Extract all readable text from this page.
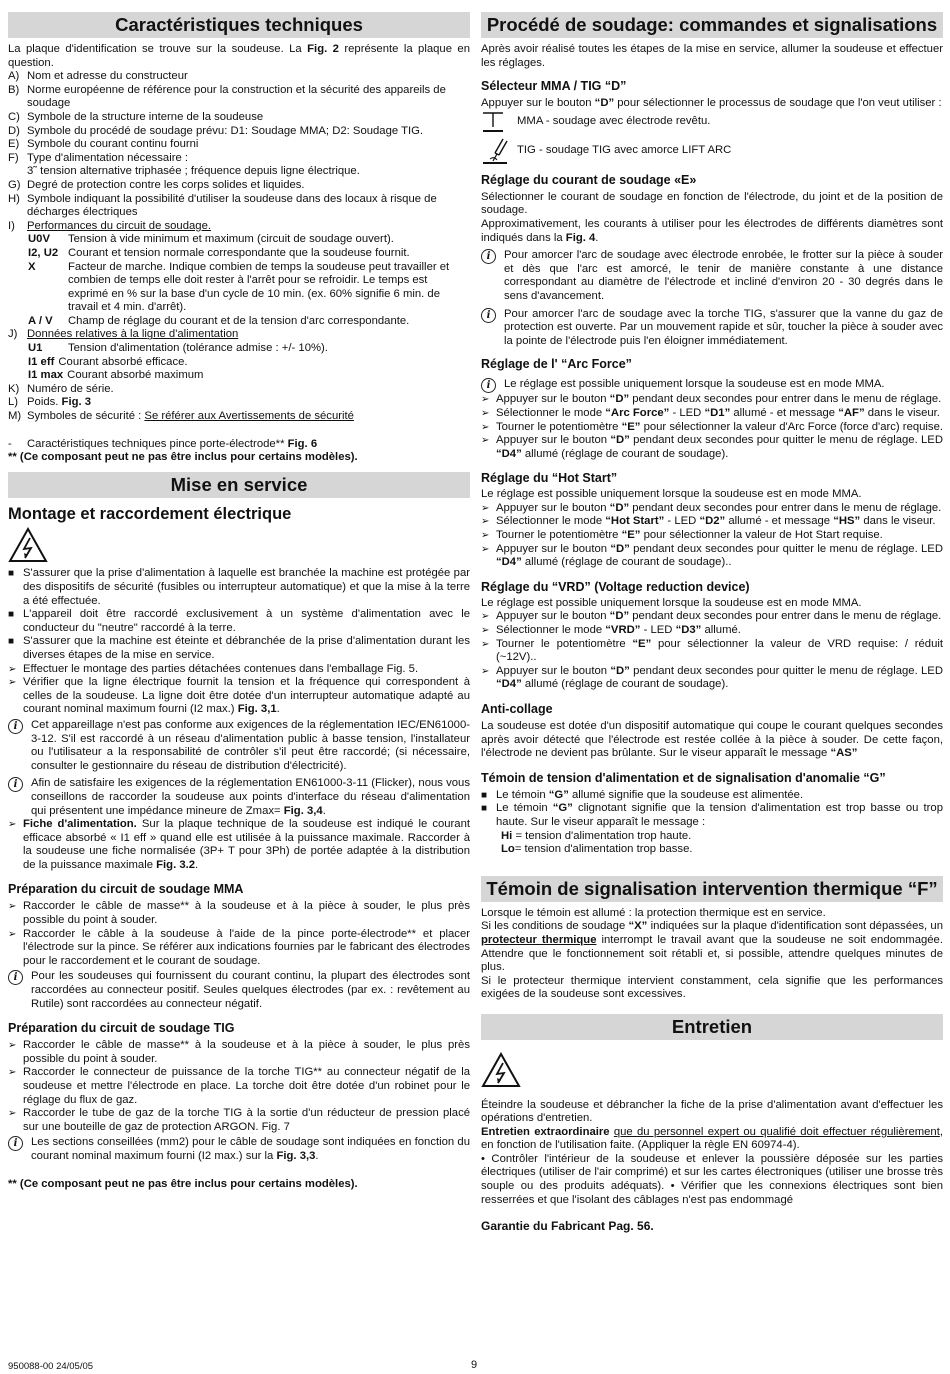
Caractéristiques techniques
La plaque d'identification se trouve sur la soudeuse. La Fig. 2 représente la plaque en question.
A) Nom et adresse du constructeur
B) Norme européenne de référence pour la construction et la sécurité des appareils de soudage
C) Symbole de la structure interne de la soudeuse
D) Symbole du procédé de soudage prévu: D1: Soudage MMA; D2: Soudage TIG.
E) Symbole du courant continu fourni
F) Type d'alimentation nécessaire :
3˜ tension alternative triphasée ; fréquence depuis ligne électrique.
G) Degré de protection contre les corps solides et liquides.
H) Symbole indiquant la possibilité d'utiliser la soudeuse dans des locaux à risque de décharges électriques
I)	Performances du circuit de soudage.
U0V	Tension à vide minimum et maximum (circuit de soudage ouvert).
I2, U2 Courant et tension normale correspondante que la soudeuse fournit.
X	Facteur de marche. Indique combien de temps la soudeuse peut travailler et combien de temps elle doit rester à l'arrêt pour se refroidir. Le temps est exprimé en % sur la base d'un cycle de 10 min. (ex. 60% signifie 6 min. de travail et 4 min. d'arrêt).
A / V	Champ de réglage du courant et de la tension d'arc correspondante.
J) Données relatives à la ligne d'alimentation
U1	Tension d'alimentation (tolérance admise : +/- 10%).
I1 eff Courant absorbé efficace.
I1 max Courant absorbé maximum
K) Numéro de série.
L) Poids. Fig. 3
M) Symboles de sécurité : Se référer aux Avertissements de sécurité
-	Caractéristiques techniques pince porte-électrode** Fig. 6
** (Ce composant peut ne pas être inclus pour certains modèles).
Mise en service
Montage et raccordement électrique
■ S'assurer que la prise d'alimentation à laquelle est branchée la machine est protégée par des dispositifs de sécurité (fusibles ou interrupteur automatique) et que la mise à la terre a été effectuée.
■ L'appareil doit être raccordé exclusivement à un système d'alimentation avec le conducteur du "neutre" raccordé à la terre.
■ S'assurer que la machine est éteinte et débranchée de la prise d'alimentation durant les diverses étapes de la mise en service.
➢ Effectuer le montage des parties détachées contenues dans l'emballage Fig. 5.
➢ Vérifier que la ligne électrique fournit la tension et la fréquence qui correspondent à celles de la soudeuse. La ligne doit être dotée d'un interrupteur automatique adapté au courant nominal maximum fourni (I2 max.) Fig. 3,1.
i	Cet appareillage n'est pas conforme aux exigences de la réglementation IEC/EN61000-3-12. S'il est raccordé à un réseau d'alimentation public à basse tension, l'installateur ou l'utilisateur a la responsabilité de contrôler s'il peut être raccordé; (si nécessaire, consulter le gestionnaire du réseau de distribution d'électricité).
i	Afin de satisfaire les exigences de la réglementation EN61000-3-11 (Flicker), nous vous conseillons de raccorder la soudeuse aux points d'interface du réseau d'alimentation qui présentent une impédance mineure de Zmax= Fig. 3,4.
➢ Fiche d'alimentation. Sur la plaque technique de la soudeuse est indiqué le courant efficace absorbé « I1 eff » quand elle est utilisée à la puissance maximale. Raccorder à la soudeuse une fiche normalisée (3P+ T pour 3Ph) de portée adaptée à la distribution de la puissance maximale Fig. 3.2.
Préparation du circuit de soudage MMA
➢ Raccorder le câble de masse** à la soudeuse et à la pièce à souder, le plus près possible du point à souder.
➢ Raccorder le câble à la soudeuse à l'aide de la pince porte-électrode** et placer l'électrode sur la pince. Se référer aux indications fournies par le fabricant des électrodes pour le raccordement et le courant de soudage.
i	Pour les soudeuses qui fournissent du courant continu, la plupart des électrodes sont raccordées au connecteur positif. Seules quelques électrodes (par ex. : revêtement au Rutile) sont raccordées au connecteur négatif.
Préparation du circuit de soudage TIG
➢ Raccorder le câble de masse** à la soudeuse et à la pièce à souder, le plus près possible du point à souder.
➢ Raccorder le connecteur de puissance de la torche TIG** au connecteur négatif de la soudeuse et mettre l'électrode en place. La torche doit être dotée d'un robinet pour le réglage du flux de gaz.
➢ Raccorder le tube de gaz de la torche TIG à la sortie d'un réducteur de pression placé sur une bouteille de gaz de protection ARGON. Fig. 7
i	Les sections conseillées (mm2) pour le câble de soudage sont indiquées en fonction du courant nominal maximum fourni (I2 max.) sur la Fig. 3,3.
** (Ce composant peut ne pas être inclus pour certains modèles).
Procédé de soudage: commandes et signalisations
Après avoir réalisé toutes les étapes de la mise en service, allumer la soudeuse et effectuer les réglages.
Sélecteur MMA / TIG “D”
Appuyer sur le bouton “D” pour sélectionner le processus de soudage que l'on veut utiliser :
MMA - soudage avec électrode revêtu.
TIG - soudage TIG avec amorce LIFT ARC
Réglage du courant de soudage «E»
Sélectionner le courant de soudage en fonction de l'électrode, du joint et de la position de soudage.
Approximativement, les courants à utiliser pour les électrodes de différents diamètres sont indiqués dans la Fig. 4.
i	Pour amorcer l'arc de soudage avec électrode enrobée, le frotter sur la pièce à souder et dès que l'arc est amorcé, le tenir de manière constante à une distance correspondant au diamètre de l'électrode et incliné d'environ 20 - 30 degrés dans le sens d'avancement.
i	Pour amorcer l'arc de soudage avec la torche TIG, s'assurer que la vanne du gaz de protection est ouverte. Par un mouvement rapide et sûr, toucher la pièce à souder avec la pointe de l'électrode puis l'en éloigner immédiatement.
Réglage de l' “Arc Force”
i	Le réglage est possible uniquement lorsque la soudeuse est en mode MMA.
➢ Appuyer sur le bouton “D” pendant deux secondes pour entrer dans le menu de réglage.
➢ Sélectionner le mode “Arc Force” - LED “D1” allumé - et message “AF” dans le viseur.
➢ Tourner le potentiomètre “E” pour sélectionner la valeur d'Arc Force (force d'arc) requise.
➢ Appuyer sur le bouton “D” pendant deux secondes pour quitter le menu de réglage. LED “D4” allumé (réglage de courant de soudage).
Réglage du “Hot Start”
Le réglage est possible uniquement lorsque la soudeuse est en mode MMA.
➢ Appuyer sur le bouton “D” pendant deux secondes pour entrer dans le menu de réglage.
➢ Sélectionner le mode “Hot Start” - LED “D2” allumé - et message “HS” dans le viseur.
➢ Tourner le potentiomètre “E” pour sélectionner la valeur de Hot Start requise.
➢ Appuyer sur le bouton “D” pendant deux secondes pour quitter le menu de réglage. LED “D4” allumé (réglage de courant de soudage)..
Réglage du “VRD” (Voltage reduction device)
Le réglage est possible uniquement lorsque la soudeuse est en mode MMA.
➢ Appuyer sur le bouton “D” pendant deux secondes pour entrer dans le menu de réglage.
➢ Sélectionner le mode “VRD” - LED “D3” allumé.
➢ Tourner le potentiomètre “E” pour sélectionner la valeur de VRD requise: / réduit (~12V)..
➢ Appuyer sur le bouton “D” pendant deux secondes pour quitter le menu de réglage. LED “D4” allumé (réglage de courant de soudage).
Anti-collage
La soudeuse est dotée d'un dispositif automatique qui coupe le courant quelques secondes après avoir détecté que l'électrode est restée collée à la pièce à souder. De cette façon, l'électrode ne devient pas brûlante. Sur le viseur apparaît le message “AS”
Témoin de tension d'alimentation et de signalisation d'anomalie “G”
■ Le témoin “G” allumé signifie que la soudeuse est alimentée.
■ Le témoin “G” clignotant signifie que la tension d'alimentation est trop basse ou trop haute. Sur le viseur apparaît le message :
Hi = tension d'alimentation trop haute.
Lo= tension d'alimentation trop basse.
Témoin de signalisation intervention thermique “F”
Lorsque le témoin est allumé : la protection thermique est en service.
Si les conditions de soudage “X” indiquées sur la plaque d'identification sont dépassées, un protecteur thermique interrompt le travail avant que la soudeuse ne soit endommagée. Attendre que le fonctionnement soit rétabli et, si possible, attendre quelques minutes de plus.
Si le protecteur thermique intervient constamment, cela signifie que les performances exigées de la soudeuse sont excessives.
Entretien
Éteindre la soudeuse et débrancher la fiche de la prise d'alimentation avant d'effectuer les opérations d'entretien.
Entretien extraordinaire que du personnel expert ou qualifié doit effectuer régulièrement, en fonction de l'utilisation faite. (Appliquer la règle EN 60974-4).
• Contrôler l'intérieur de la soudeuse et enlever la poussière déposée sur les parties électriques (utiliser de l'air comprimé) et sur les cartes électroniques (utiliser une brosse très souple ou des produits adéquats). • Vérifier que les connexions électriques sont bien resserrées et que l'isolant des câblages n'est pas endommagé
Garantie du Fabricant Pag. 56.
950088-00 24/05/05	9
